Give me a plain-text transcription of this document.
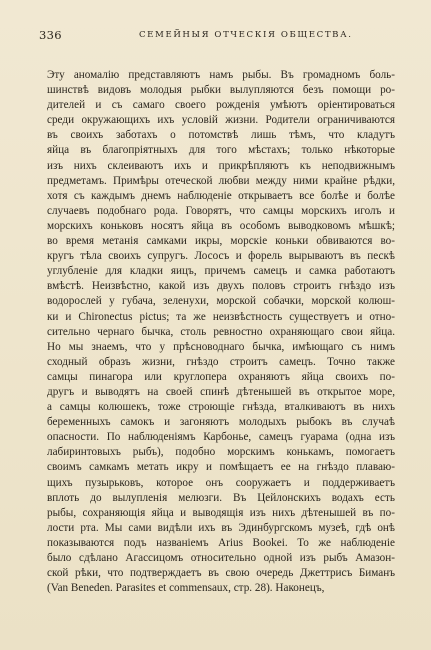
336	СЕМЕЙНЫЯ ОТЧЕСКІЯ ОБЩЕСТВА.
Эту аномалію представляютъ намъ рыбы. Въ громадномъ боль-
шинствѣ видовъ молодыя рыбки вылупляются безъ помощи ро-
дителей и съ самаго своего рожденія умѣютъ оріентироваться
среди окружающихъ ихъ условій жизни. Родители ограничиваются
въ своихъ заботахъ о потомствѣ лишь тѣмъ, что кладутъ
яйца въ благопріятныхъ для того мѣстахъ; только нѣкоторые
изъ нихъ склеиваютъ ихъ и прикрѣпляютъ къ неподвижнымъ
предметамъ. Примѣры отеческой любви между ними крайне рѣдки,
хотя съ каждымъ днемъ наблюденіе открываетъ все болѣе и болѣе
случаевъ подобнаго рода. Говорятъ, что самцы морскихъ иголъ и
морскихъ коньковъ носятъ яйца въ особомъ выводковомъ мѣшкѣ;
во время метанія самками икры, морскіе коньки обвиваются во-
кругъ тѣла своихъ супругъ. Лососъ и форель вырываютъ въ пескѣ
углубленіе для кладки яицъ, причемъ самецъ и самка работаютъ
вмѣстѣ. Неизвѣстно, какой изъ двухъ половъ строитъ гнѣздо изъ
водорослей у губача, зеленухи, морской собачки, морской колюш-
ки и Chironectus pictus; та же неизвѣстность существуетъ и отно-
сительно чернаго бычка, столь ревностно охраняющаго свои яйца.
Но мы знаемъ, что у прѣсноводнаго бычка, имѣющаго съ нимъ
сходный образъ жизни, гнѣздо строитъ самецъ. Точно также
самцы пинагора или круглопера охраняютъ яйца своихъ по-
другъ и выводятъ на своей спинѣ дѣтенышей въ открытое море,
а самцы колюшекъ, тоже строющіе гнѣзда, вталкиваютъ въ нихъ
беременныхъ самокъ и загоняютъ молодыхъ рыбокъ въ случаѣ
опасности. По наблюденіямъ Карбонье, самецъ гуарама (одна изъ
лабиринтовыхъ рыбъ), подобно морскимъ конькамъ, помогаетъ
своимъ самкамъ метать икру и помѣщаетъ ее на гнѣздо плаваю-
щихъ пузырьковъ, которое онъ сооружаетъ и поддерживаетъ
вплоть до вылупленія мелюзги. Въ Цейлонскихъ водахъ есть
рыбы, сохраняющія яйца и выводящія изъ нихъ дѣтенышей въ по-
лости рта. Мы сами видѣли ихъ въ Эдинбургскомъ музеѣ, гдѣ онѣ
показываются подъ названіемъ Arius Bookei. То же наблюденіе
было сдѣлано Агассицомъ относительно одной изъ рыбъ Амазон-
ской рѣки, что подтверждаетъ въ свою очередь Джеттрисъ Биманъ
(Van Beneden. Parasites et commensaux, стр. 28). Наконецъ,
